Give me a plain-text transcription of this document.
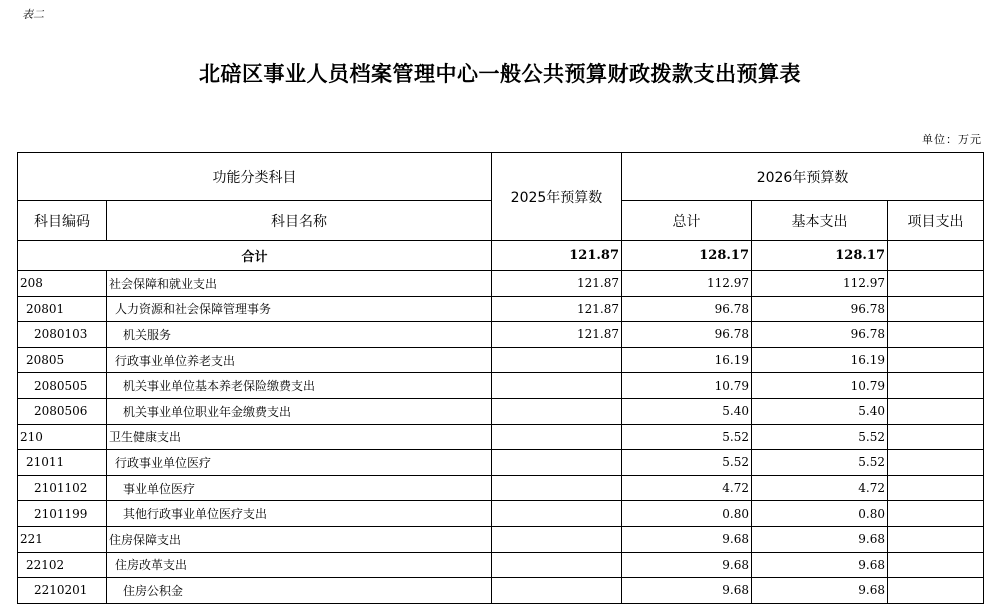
表二
北碚区事业人员档案管理中心一般公共预算财政拨款支出预算表
单位：万元
功能分类科目		2025年预算数	2026年预算数		
科目编码	科目名称		总计	基本支出	项目支出
合计		121.87	128.17	128.17	
208	社会保障和就业支出	121.87	112.97	112.97	
20801	人力资源和社会保障管理事务	121.87	96.78	96.78	
2080103	机关服务	121.87	96.78	96.78	
20805	行政事业单位养老支出		16.19	16.19	
2080505	机关事业单位基本养老保险缴费支出		10.79	10.79	
2080506	机关事业单位职业年金缴费支出		5.40	5.40	
210	卫生健康支出		5.52	5.52	
21011	行政事业单位医疗		5.52	5.52	
2101102	事业单位医疗		4.72	4.72	
2101199	其他行政事业单位医疗支出		0.80	0.80	
221	住房保障支出		9.68	9.68	
22102	住房改革支出		9.68	9.68	
2210201	住房公积金		9.68	9.68	
